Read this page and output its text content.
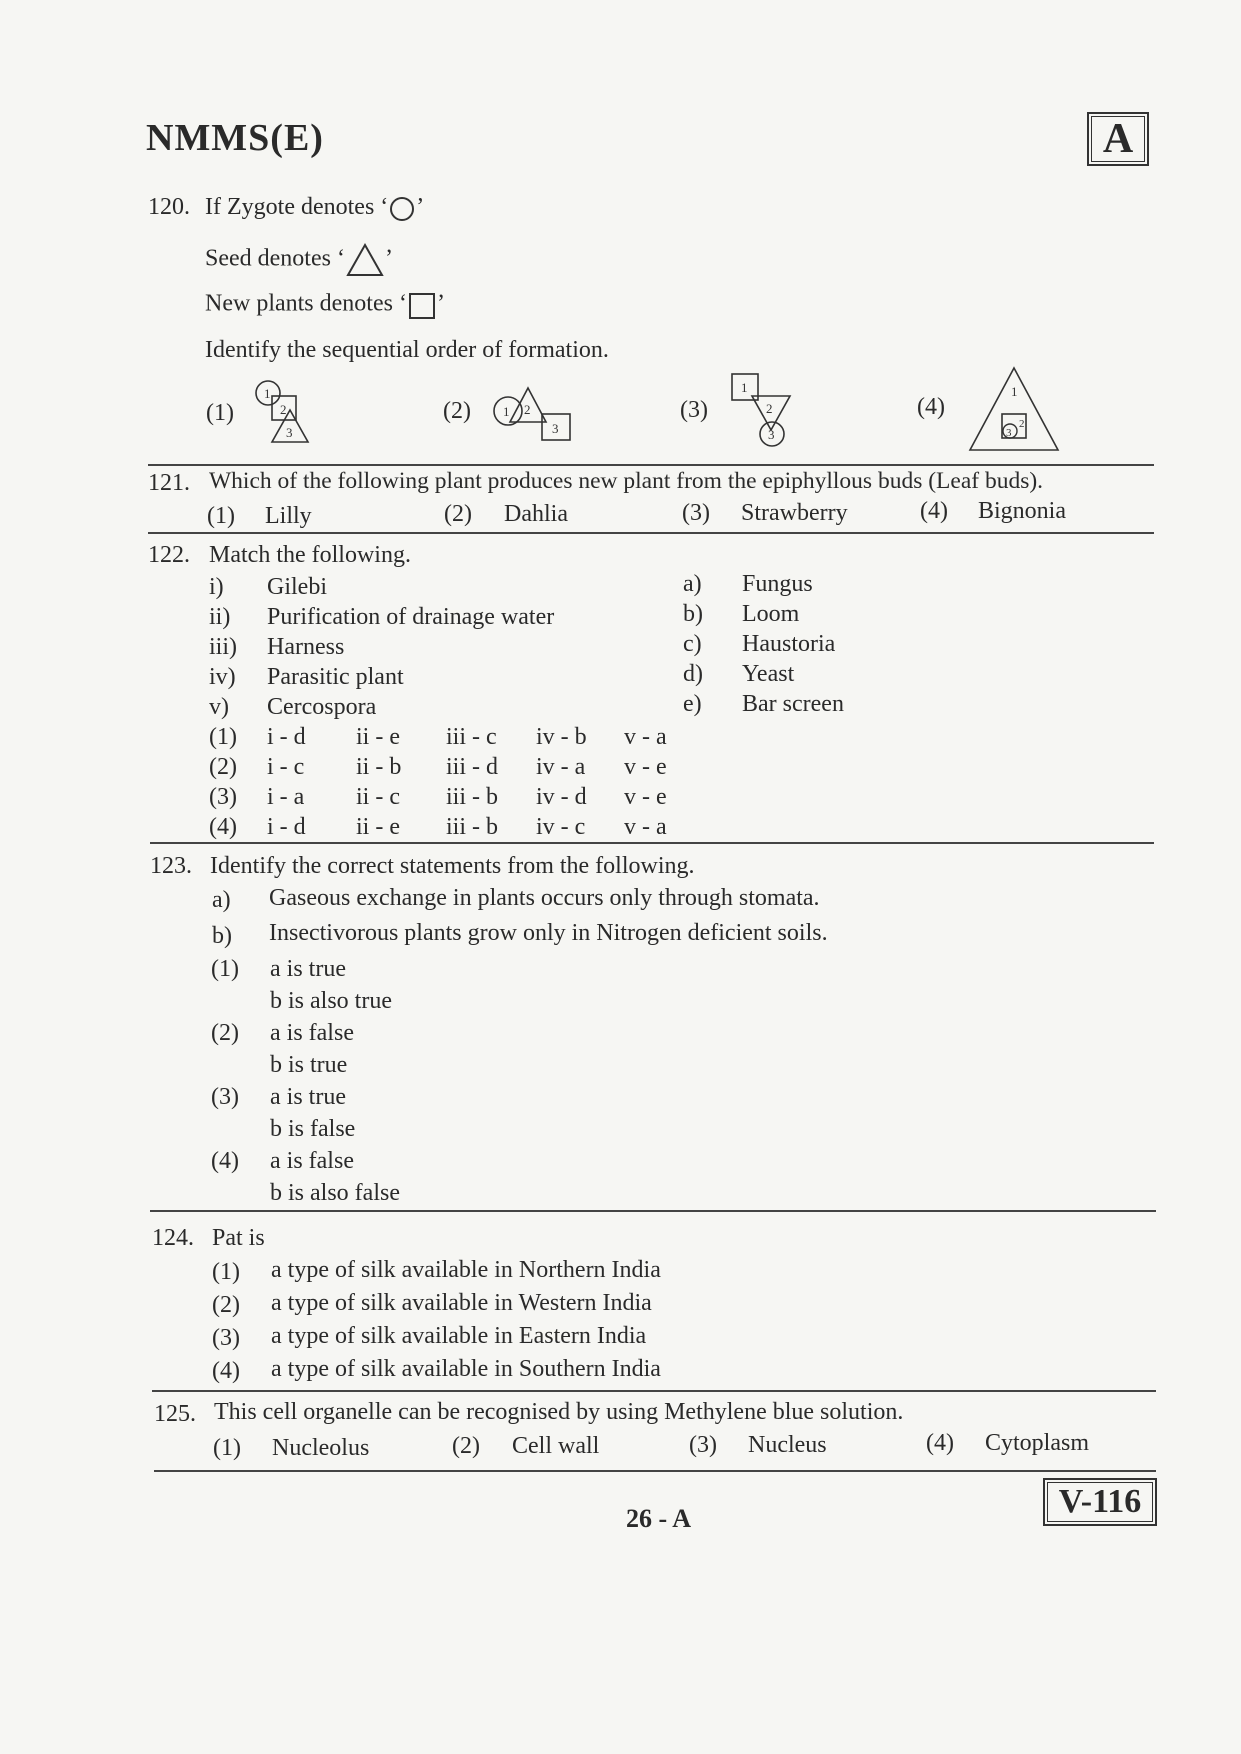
NMMS(E)	A
120. If Zygote denotes ‘ ’
Seed denotes ‘ ’
New plants denotes ‘ ’
Identify the sequential order of formation.
(1)
1
2
3
(2) 1 2
3
(3)
1
2
3
(4)
1
2
3
121. Which of the following plant produces new plant from the epiphyllous buds (Leaf buds).
(1) Lilly	(2) Dahlia	(3) Strawberry	(4) Bignonia
122. Match the following.
i) Gilebi
ii) Purification of drainage water
iii) Harness
iv) Parasitic plant
v) Cercospora
a) Fungus
b) Loom
c) Haustoria
d) Yeast
e) Bar screen
(1) i - d ii - e iii - c iv - b v - a
(2) i - c ii - b iii - d iv - a v - e
(3) i - a ii - c iii - b iv - d v - e
(4) i - d ii - e iii - b iv - c v - a
123. Identify the correct statements from the following.
a) Gaseous exchange in plants occurs only through stomata.
b) Insectivorous plants grow only in Nitrogen deficient soils.
(1) a is true
b is also true
(2) a is false
b is true
(3) a is true
b is false
(4) a is false
b is also false
124. Pat is
(1) a type of silk available in Northern India
(2) a type of silk available in Western India
(3) a type of silk available in Eastern India
(4) a type of silk available in Southern India
125. This cell organelle can be recognised by using Methylene blue solution.
(1) Nucleolus	(2) Cell wall	(3) Nucleus	(4) Cytoplasm
26 - A	V-116
